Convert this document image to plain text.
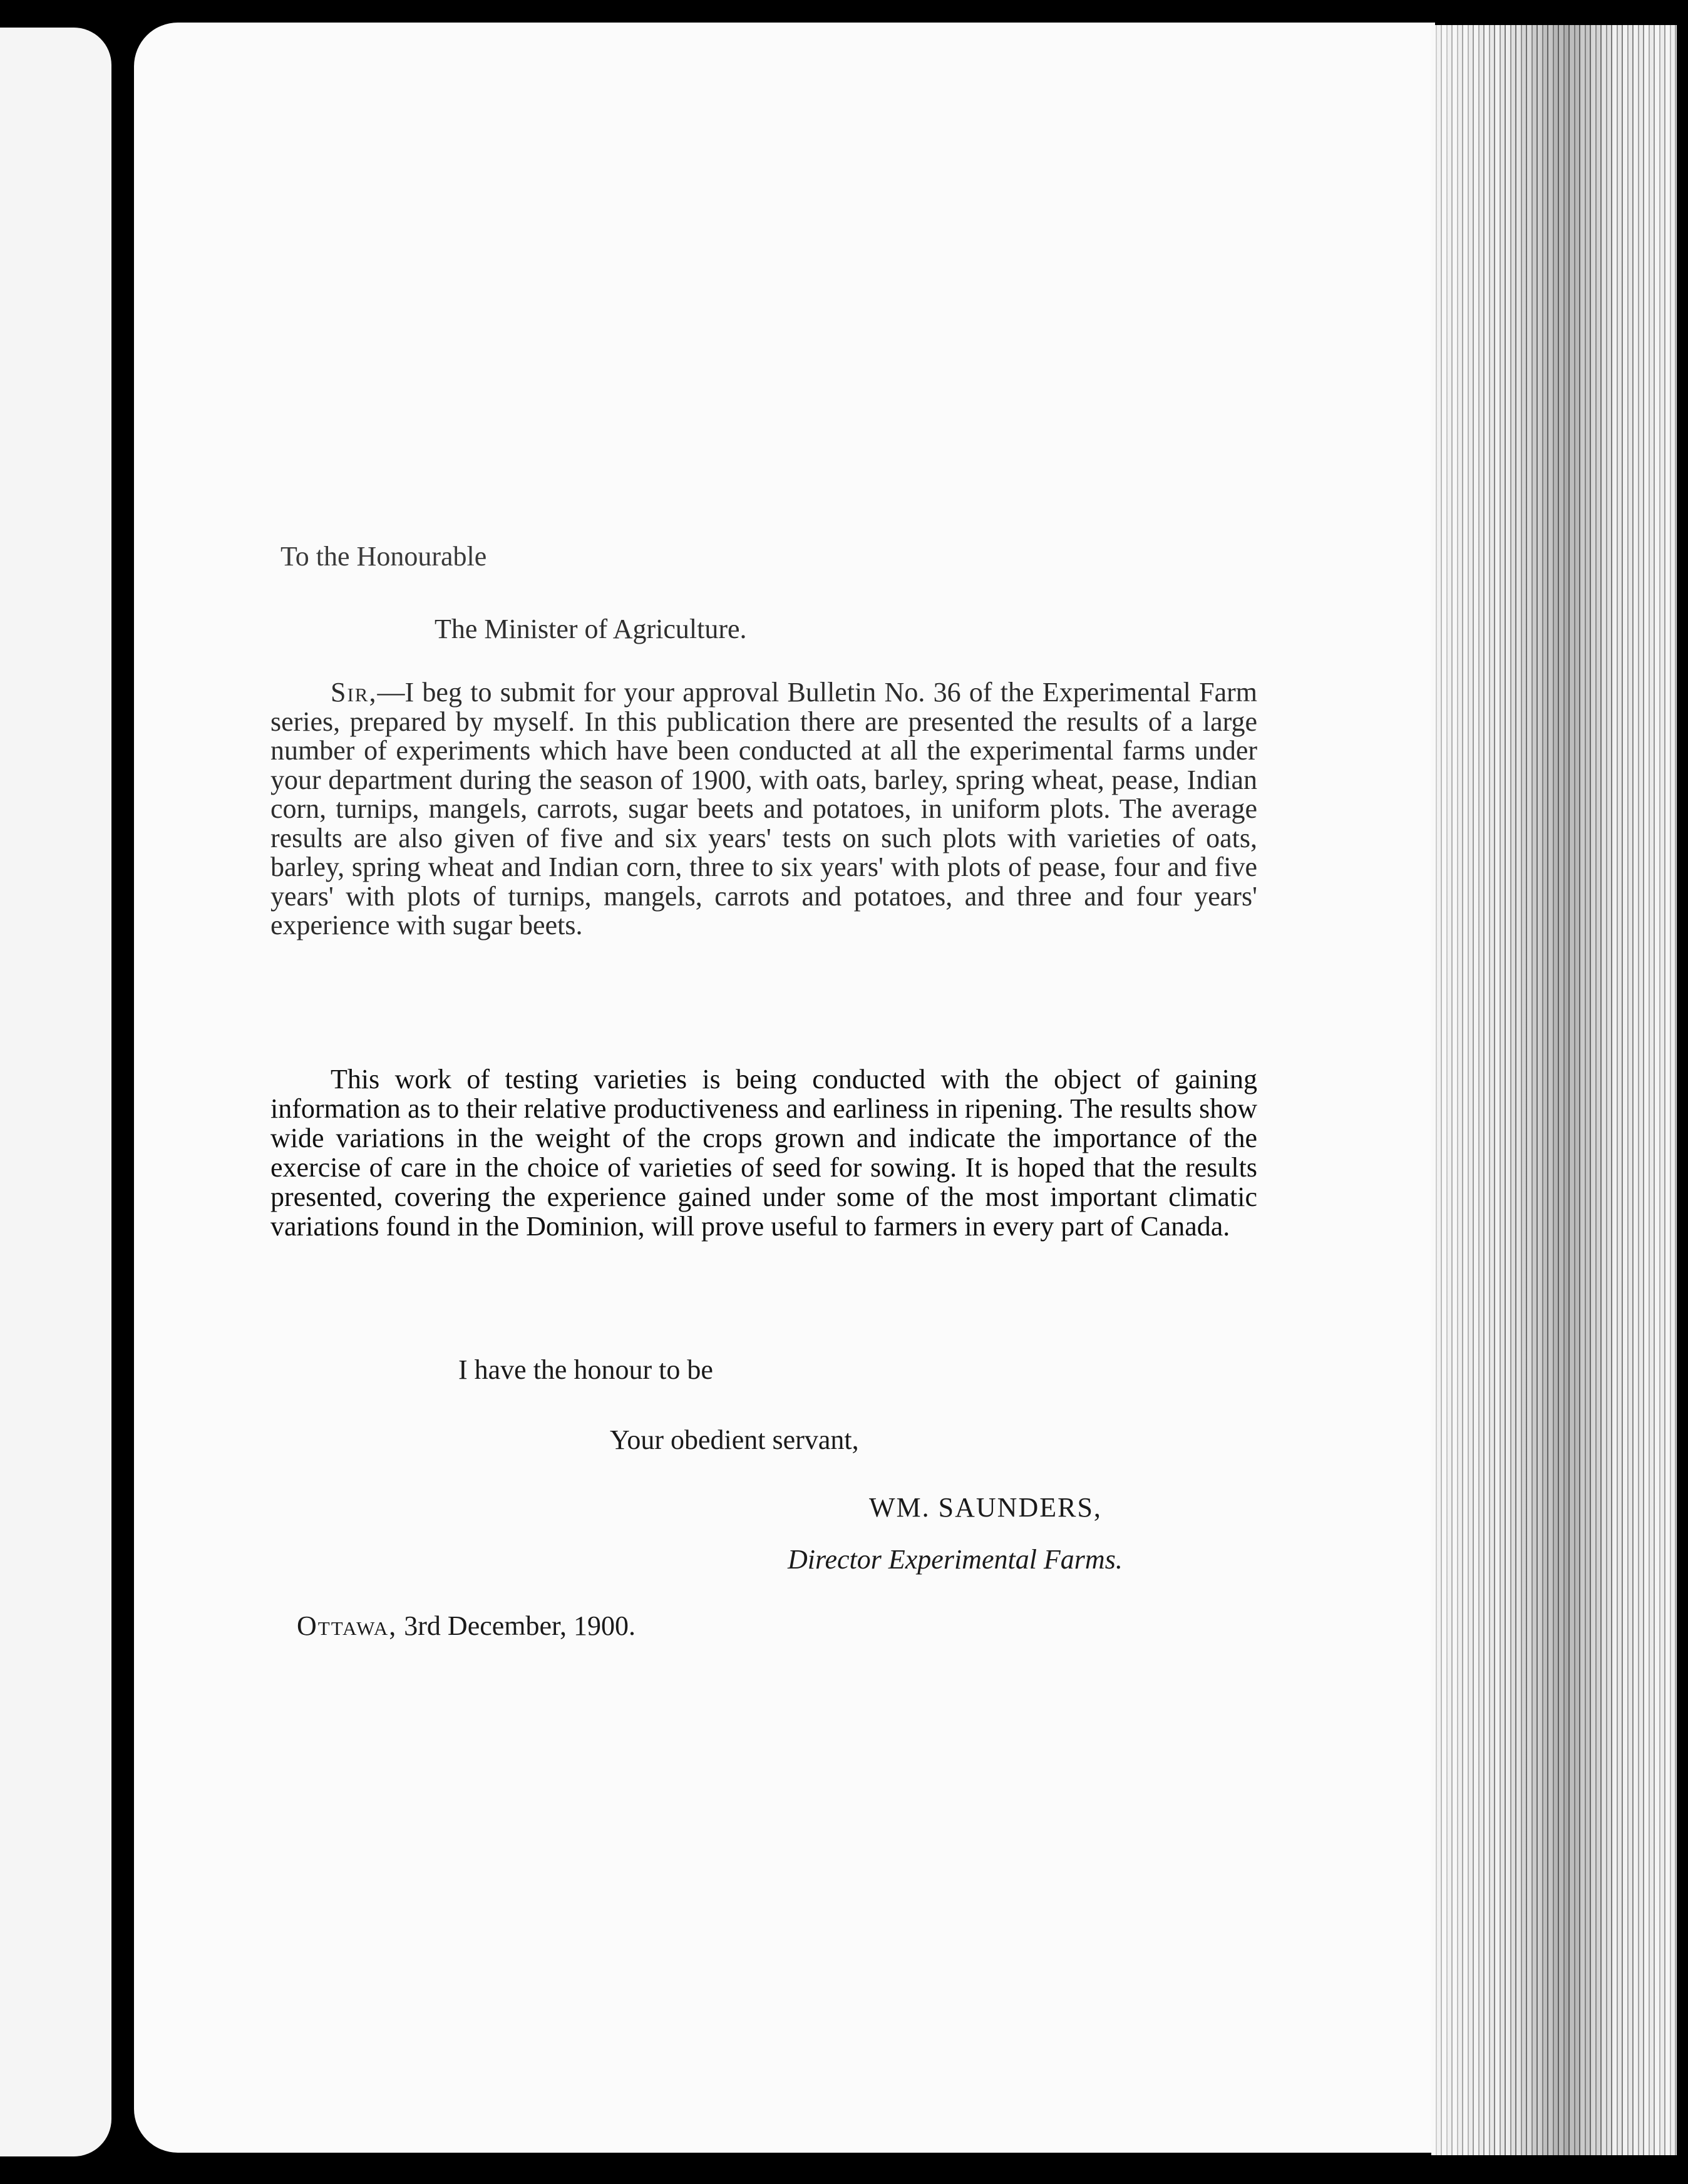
To the Honourable
The Minister of Agriculture.

Sir,—I beg to submit for your approval Bulletin No. 36 of the Experimental Farm series, prepared by myself. In this publication there are presented the results of a large number of experiments which have been conducted at all the experimental farms under your department during the season of 1900, with oats, barley, spring wheat, pease, Indian corn, turnips, mangels, carrots, sugar beets and potatoes, in uniform plots. The average results are also given of five and six years' tests on such plots with varieties of oats, barley, spring wheat and Indian corn, three to six years' with plots of pease, four and five years' with plots of turnips, mangels, carrots and potatoes, and three and four years' experience with sugar beets.

This work of testing varieties is being conducted with the object of gaining information as to their relative productiveness and earliness in ripening. The results show wide variations in the weight of the crops grown and indicate the importance of the exercise of care in the choice of varieties of seed for sowing. It is hoped that the results presented, covering the experience gained under some of the most important climatic variations found in the Dominion, will prove useful to farmers in every part of Canada.

I have the honour to be
Your obedient servant,
WM. SAUNDERS,
Director Experimental Farms.
Ottawa, 3rd December, 1900.
